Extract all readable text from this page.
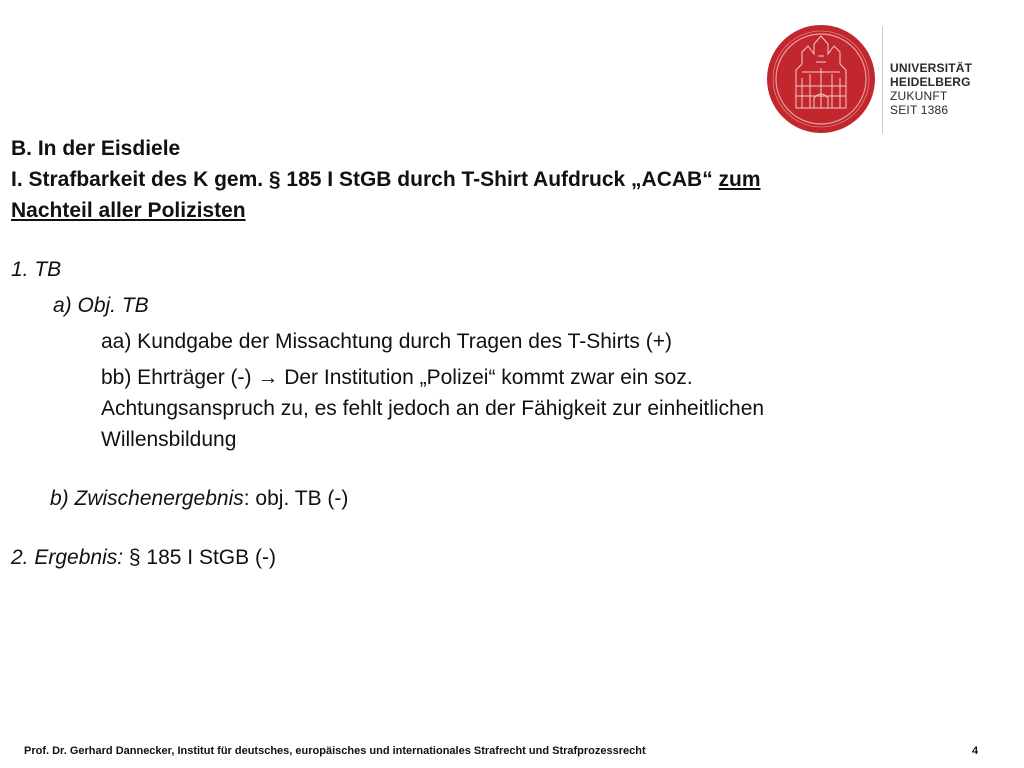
UNIVERSITÄT
HEIDELBERG
ZUKUNFT
SEIT 1386

B. In der Eisdiele

I. Strafbarkeit des K gem. § 185 I StGB durch T-Shirt Aufdruck „ACAB“ zum

Nachteil aller Polizisten

1. TB

a) Obj. TB

aa) Kundgabe der Missachtung durch Tragen des T-Shirts (+)

bb) Ehrträger (-) → Der Institution „Polizei“ kommt zwar ein soz.

Achtungsanspruch zu, es fehlt jedoch an der Fähigkeit zur einheitlichen

Willensbildung

b) Zwischenergebnis: obj. TB (-)

2. Ergebnis: § 185 I StGB (-)

Prof. Dr. Gerhard Dannecker, Institut für deutsches, europäisches und internationales Strafrecht und Strafprozessrecht	4
